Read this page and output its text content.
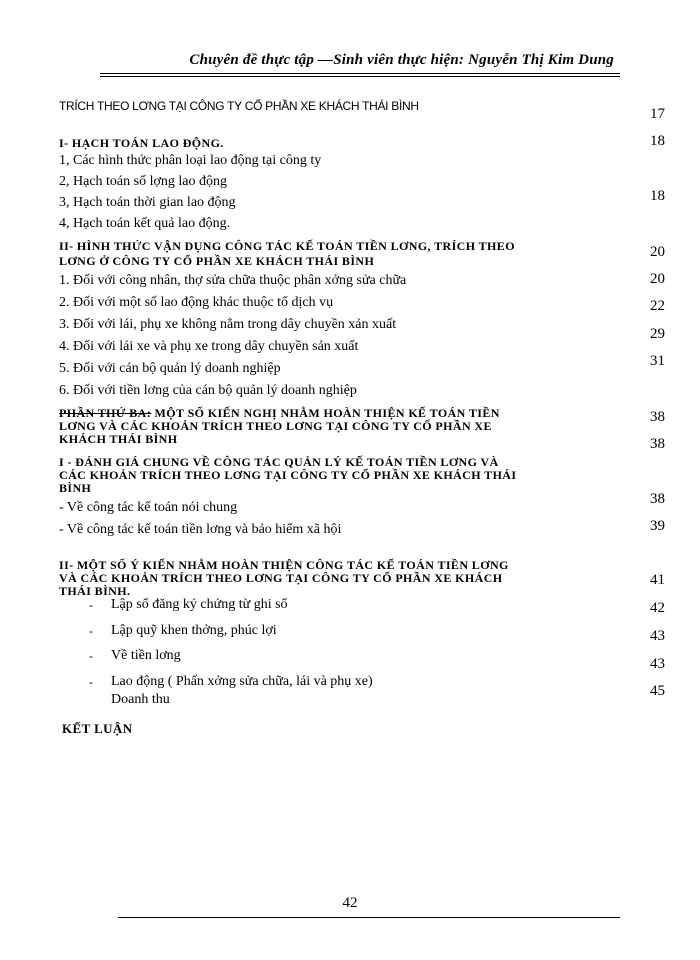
Chuyên đề thực tập —Sinh viên thực hiện: Nguyễn Thị Kim Dung
TRÍCH THEO LƠNG TẠI CÔNG TY CỔ PHẦN XE KHÁCH THÁI BÌNH
I- HẠCH TOÁN LAO ĐỘNG.
1, Các hình thức phân loại lao động tại công ty
2, Hạch toán số lợng lao động
3, Hạch toán thời gian lao động
4, Hạch toán kết quả lao động.
II- HÌNH THỨC VẬN DỤNG CÔNG TÁC KẾ TOÁN TIỀN LƠNG, TRÍCH THEO
LƠNG Ở CÔNG TY CỔ PHẦN XE KHÁCH THÁI BÌNH
1. Đối với công nhân, thợ sửa chữa thuộc phân xởng sửa chữa
2. Đối với một số lao động khác thuộc tổ dịch vụ
3. Đối với lái, phụ xe không nằm trong dây chuyền xản xuất
4. Đối với lái xe và phụ xe trong dây chuyền sản xuất
5. Đối với cán bộ quản lý doanh nghiệp
6. Đối với tiền lơng của cán bộ quản lý doanh nghiệp
PHẦN THỨ BA: MỘT SỐ KIẾN NGHỊ NHẰM HOÀN THIỆN KẾ TOÁN TIỀN
LƠNG VÀ CÁC KHOẢN TRÍCH THEO LƠNG TẠI CÔNG TY CỔ PHẦN XE
KHÁCH THÁI BÌNH
I - ĐÁNH GIÁ CHUNG VỀ CÔNG TÁC QUẢN LÝ KẾ TOÁN TIỀN LƠNG VÀ
CÁC KHOẢN TRÍCH THEO LƠNG TẠI CÔNG TY CỔ PHẦN XE KHÁCH THÁI
BÌNH
- Về công tác kế toán nói chung
- Về công tác kế toán tiền lơng và bảo hiểm xã hội
II- MỘT SỐ Ý KIẾN NHẰM HOÀN THIỆN CÔNG TÁC KẾ TOÁN TIỀN LƠNG
VÀ CÁC KHOẢN TRÍCH THEO LƠNG TẠI CÔNG TY CỔ PHẦN XE KHÁCH
THÁI BÌNH.
- Lập sổ đăng ký chứng từ ghi sổ
- Lập quỹ khen thởng, phúc lợi
- Về tiền lơng
- Lao động ( Phấn xởng sửa chữa, lái và phụ xe)
Doanh thu
KẾT LUẬN
17
18
18
20
20
22
29
31
38
38
38
39
41
42
43
43
45
42
